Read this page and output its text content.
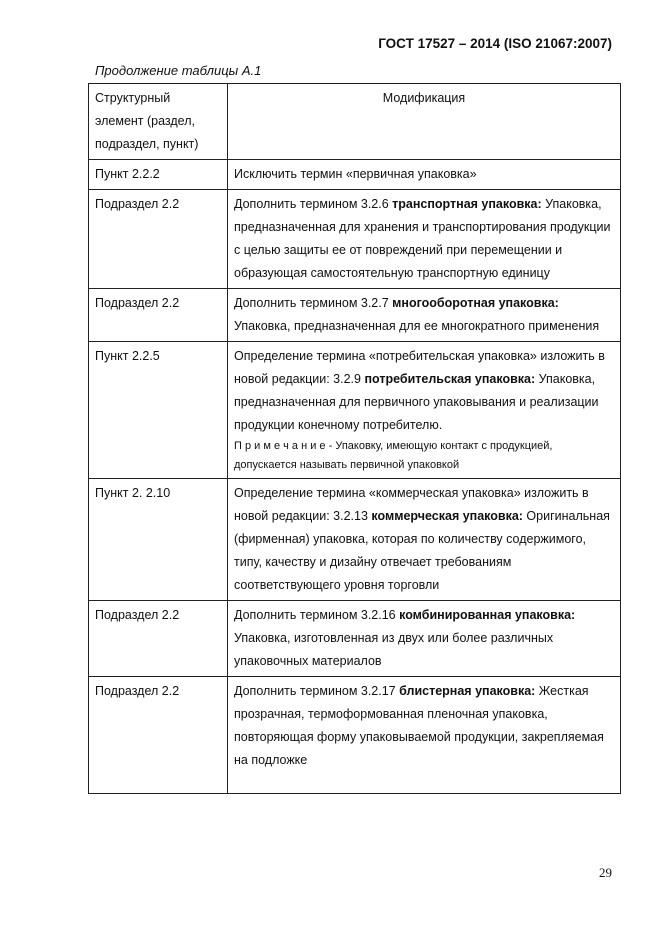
ГОСТ 17527 – 2014 (ISO 21067:2007)
Продолжение таблицы А.1
Структурный элемент (раздел, подраздел, пункт)	Модификация
Пункт 2.2.2	Исключить термин «первичная упаковка»
Подраздел 2.2	Дополнить термином 3.2.6 транспортная упаковка: Упаковка, предназначенная для хранения и транспортирования продукции с целью защиты ее от повреждений при перемещении и образующая самостоятельную транспортную единицу
Подраздел 2.2	Дополнить термином 3.2.7 многооборотная упаковка: Упаковка, предназначенная для ее многократного применения
Пункт 2.2.5	Определение термина «потребительская упаковка» изложить в новой редакции: 3.2.9 потребительская упаковка: Упаковка, предназначенная для первичного упаковывания и реализации продукции конечному потребителю.
П р и м е ч а н и е - Упаковку, имеющую контакт с продукцией, допускается называть первичной упаковкой

Пункт 2. 2.10	Определение термина «коммерческая упаковка» изложить в новой редакции: 3.2.13 коммерческая упаковка: Оригинальная (фирменная) упаковка, которая по количеству содержимого, типу, качеству и дизайну отвечает требованиям соответствующего уровня торговли
Подраздел 2.2	Дополнить термином 3.2.16 комбинированная упаковка: Упаковка, изготовленная из двух или более различных упаковочных материалов
Подраздел 2.2	Дополнить термином 3.2.17 блистерная упаковка: Жесткая прозрачная, термоформованная пленочная упаковка, повторяющая форму упаковываемой продукции, закрепляемая на подложке
29
